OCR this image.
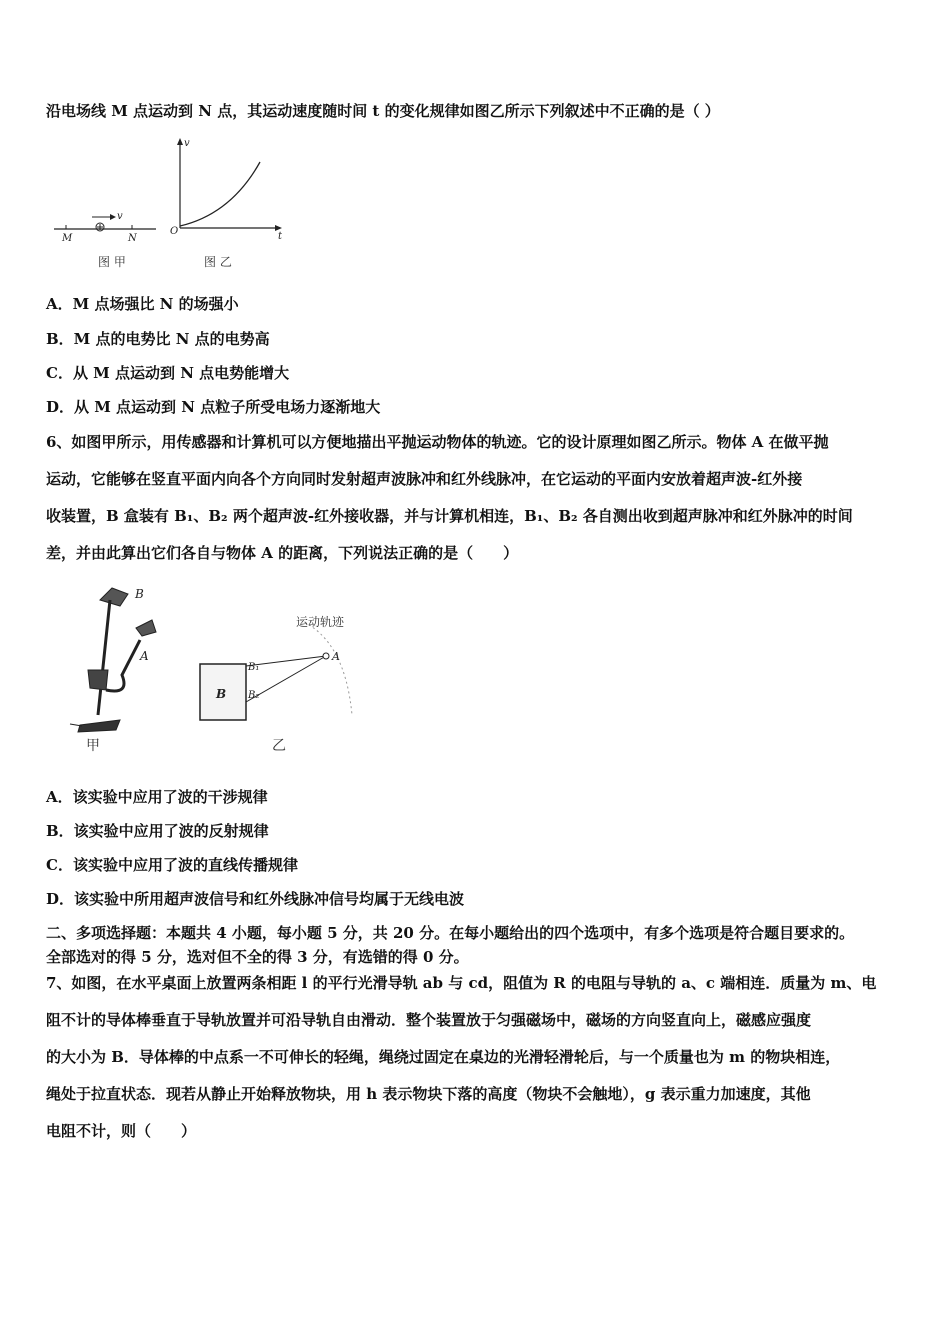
沿电场线 M 点运动到 N 点，其运动速度随时间 t 的变化规律如图乙所示下列叙述中不正确的是（ ）
v
M	N
图 甲
v
t
O
图 乙
A．M 点场强比 N 的场强小
B．M 点的电势比 N 点的电势高
C．从 M 点运动到 N 点电势能增大
D．从 M 点运动到 N 点粒子所受电场力逐渐地大
6、如图甲所示，用传感器和计算机可以方便地描出平抛运动物体的轨迹。它的设计原理如图乙所示。物体 A 在做平抛
运动，它能够在竖直平面内向各个方向同时发射超声波脉冲和红外线脉冲，在它运动的平面内安放着超声波-红外接
收装置，B 盒装有 B₁、B₂ 两个超声波-红外接收器，并与计算机相连，B₁、B₂ 各自测出收到超声脉冲和红外脉冲的时间
差，并由此算出它们各自与物体 A 的距离，下列说法正确的是（　　）
B
A
甲
运动轨迹
B
B₁
B₂
A
乙
A．该实验中应用了波的干涉规律
B．该实验中应用了波的反射规律
C．该实验中应用了波的直线传播规律
D．该实验中所用超声波信号和红外线脉冲信号均属于无线电波
二、多项选择题：本题共 4 小题，每小题 5 分，共 20 分。在每小题给出的四个选项中，有多个选项是符合题目要求的。
全部选对的得 5 分，选对但不全的得 3 分，有选错的得 0 分。
7、如图，在水平桌面上放置两条相距 l 的平行光滑导轨 ab 与 cd，阻值为 R 的电阻与导轨的 a、c 端相连．质量为 m、电
阻不计的导体棒垂直于导轨放置并可沿导轨自由滑动．整个装置放于匀强磁场中，磁场的方向竖直向上，磁感应强度
的大小为 B．导体棒的中点系一不可伸长的轻绳，绳绕过固定在桌边的光滑轻滑轮后，与一个质量也为 m 的物块相连，
绳处于拉直状态．现若从静止开始释放物块，用 h 表示物块下落的高度（物块不会触地），g 表示重力加速度，其他
电阻不计，则（　　）
